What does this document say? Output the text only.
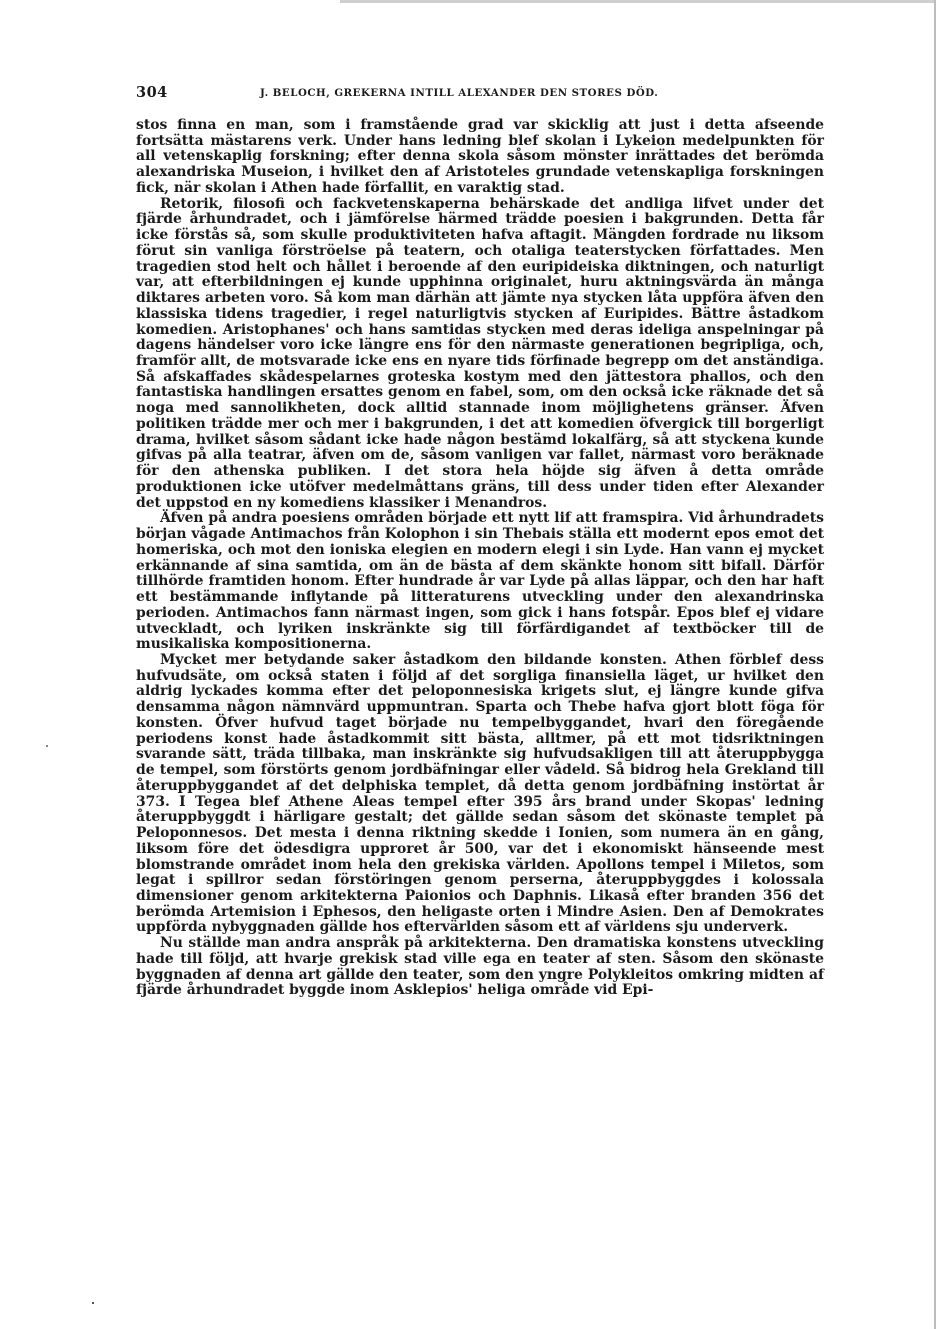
304	J. BELOCH, GREKERNA INTILL ALEXANDER DEN STORES DÖD.

stos finna en man, som i framstående grad var skicklig att just i detta afseende fortsätta mästarens verk. Under hans ledning blef skolan i Lykeion medelpunkten för all vetenskaplig forskning; efter denna skola såsom mönster inrättades det berömda alexandriska Museion, i hvilket den af Aristoteles grundade vetenskapliga forskningen fick, när skolan i Athen hade förfallit, en varaktig stad.

Retorik, filosofi och fackvetenskaperna behärskade det andliga lifvet under det fjärde århundradet, och i jämförelse härmed trädde poesien i bakgrunden. Detta får icke förstås så, som skulle produktiviteten hafva aftagit. Mängden fordrade nu liksom förut sin vanliga förströelse på teatern, och otaliga teaterstycken författades. Men tragedien stod helt och hållet i beroende af den euripideiska diktningen, och naturligt var, att efterbildningen ej kunde upphinna originalet, huru aktningsvärda än många diktares arbeten voro. Så kom man därhän att jämte nya stycken låta uppföra äfven den klassiska tidens tragedier, i regel naturligtvis stycken af Euripides. Bättre åstadkom komedien. Aristophanes' och hans samtidas stycken med deras ideliga anspelningar på dagens händelser voro icke längre ens för den närmaste generationen begripliga, och, framför allt, de motsvarade icke ens en nyare tids förfinade begrepp om det anständiga. Så afskaffades skådespelarnes groteska kostym med den jättestora phallos, och den fantastiska handlingen ersattes genom en fabel, som, om den också icke räknade det så noga med sannolikheten, dock alltid stannade inom möjlighetens gränser. Äfven politiken trädde mer och mer i bakgrunden, i det att komedien öfvergick till borgerligt drama, hvilket såsom sådant icke hade någon bestämd lokalfärg, så att styckena kunde gifvas på alla teatrar, äfven om de, såsom vanligen var fallet, närmast voro beräknade för den athenska publiken. I det stora hela höjde sig äfven å detta område produktionen icke utöfver medelmåttans gräns, till dess under tiden efter Alexander det uppstod en ny komediens klassiker i Menandros.

Äfven på andra poesiens områden började ett nytt lif att framspira. Vid århundradets början vågade Antimachos från Kolophon i sin Thebais ställa ett modernt epos emot det homeriska, och mot den ioniska elegien en modern elegi i sin Lyde. Han vann ej mycket erkännande af sina samtida, om än de bästa af dem skänkte honom sitt bifall. Därför tillhörde framtiden honom. Efter hundrade år var Lyde på allas läppar, och den har haft ett bestämmande inflytande på litteraturens utveckling under den alexandrinska perioden. Antimachos fann närmast ingen, som gick i hans fotspår. Epos blef ej vidare utveckladt, och lyriken inskränkte sig till förfärdigandet af textböcker till de musikaliska kompositionerna.

Mycket mer betydande saker åstadkom den bildande konsten. Athen förblef dess hufvudsäte, om också staten i följd af det sorgliga finansiella läget, ur hvilket den aldrig lyckades komma efter det peloponnesiska krigets slut, ej längre kunde gifva densamma någon nämnvärd uppmuntran. Sparta och Thebe hafva gjort blott föga för konsten. Öfver hufvud taget började nu tempelbyggandet, hvari den föregående periodens konst hade åstadkommit sitt bästa, alltmer, på ett mot tidsriktningen svarande sätt, träda tillbaka, man inskränkte sig hufvudsakligen till att återuppbygga de tempel, som förstörts genom jordbäfningar eller vådeld. Så bidrog hela Grekland till återuppbyggandet af det delphiska templet, då detta genom jordbäfning instörtat år 373. I Tegea blef Athene Aleas tempel efter 395 års brand under Skopas' ledning återuppbyggdt i härligare gestalt; det gällde sedan såsom det skönaste templet på Peloponnesos. Det mesta i denna riktning skedde i Ionien, som numera än en gång, liksom före det ödesdigra upproret år 500, var det i ekonomiskt hänseende mest blomstrande området inom hela den grekiska världen. Apollons tempel i Miletos, som legat i spillror sedan förstöringen genom perserna, återuppbyggdes i kolossala dimensioner genom arkitekterna Paionios och Daphnis. Likaså efter branden 356 det berömda Artemision i Ephesos, den heligaste orten i Mindre Asien. Den af Demokrates uppförda nybyggnaden gällde hos eftervärlden såsom ett af världens sju underverk.

Nu ställde man andra anspråk på arkitekterna. Den dramatiska konstens utveckling hade till följd, att hvarje grekisk stad ville ega en teater af sten. Såsom den skönaste byggnaden af denna art gällde den teater, som den yngre Polykleitos omkring midten af fjärde århundradet byggde inom Asklepios' heliga område vid Epi-
